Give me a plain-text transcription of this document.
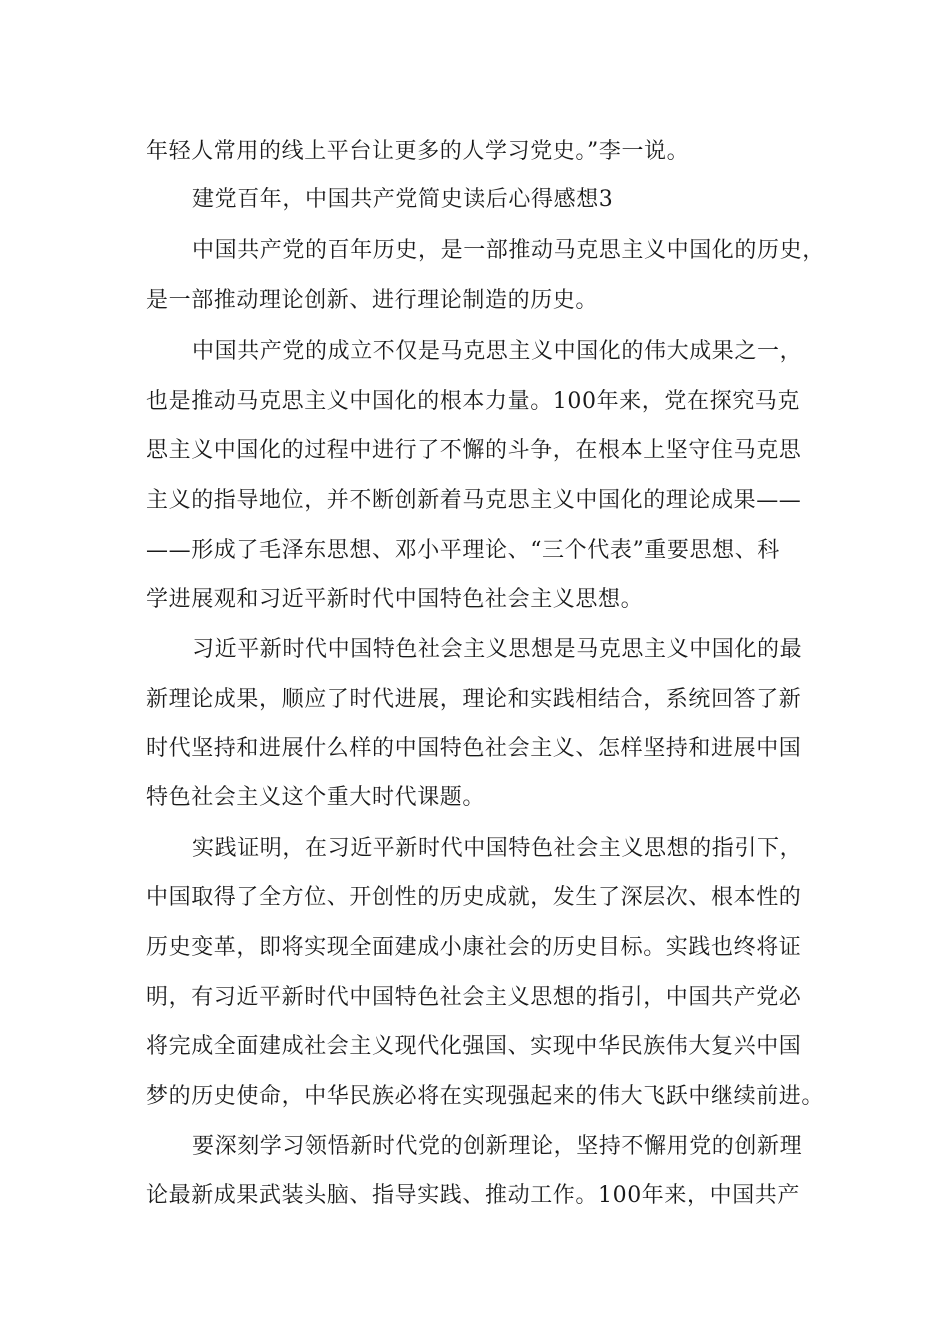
年轻人常用的线上平台让更多的人学习党史。”李一说。
建党百年，中国共产党简史读后心得感想3
中国共产党的百年历史，是一部推动马克思主义中国化的历史，
是一部推动理论创新、进行理论制造的历史。
中国共产党的成立不仅是马克思主义中国化的伟大成果之一，
也是推动马克思主义中国化的根本力量。100年来，党在探究马克
思主义中国化的过程中进行了不懈的斗争，在根本上坚守住马克思
主义的指导地位，并不断创新着马克思主义中国化的理论成果——
——形成了毛泽东思想、邓小平理论、“三个代表”重要思想、科
学进展观和习近平新时代中国特色社会主义思想。
习近平新时代中国特色社会主义思想是马克思主义中国化的最
新理论成果，顺应了时代进展，理论和实践相结合，系统回答了新
时代坚持和进展什么样的中国特色社会主义、怎样坚持和进展中国
特色社会主义这个重大时代课题。
实践证明，在习近平新时代中国特色社会主义思想的指引下，
中国取得了全方位、开创性的历史成就，发生了深层次、根本性的
历史变革，即将实现全面建成小康社会的历史目标。实践也终将证
明，有习近平新时代中国特色社会主义思想的指引，中国共产党必
将完成全面建成社会主义现代化强国、实现中华民族伟大复兴中国
梦的历史使命，中华民族必将在实现强起来的伟大飞跃中继续前进。
要深刻学习领悟新时代党的创新理论，坚持不懈用党的创新理
论最新成果武装头脑、指导实践、推动工作。100年来，中国共产
